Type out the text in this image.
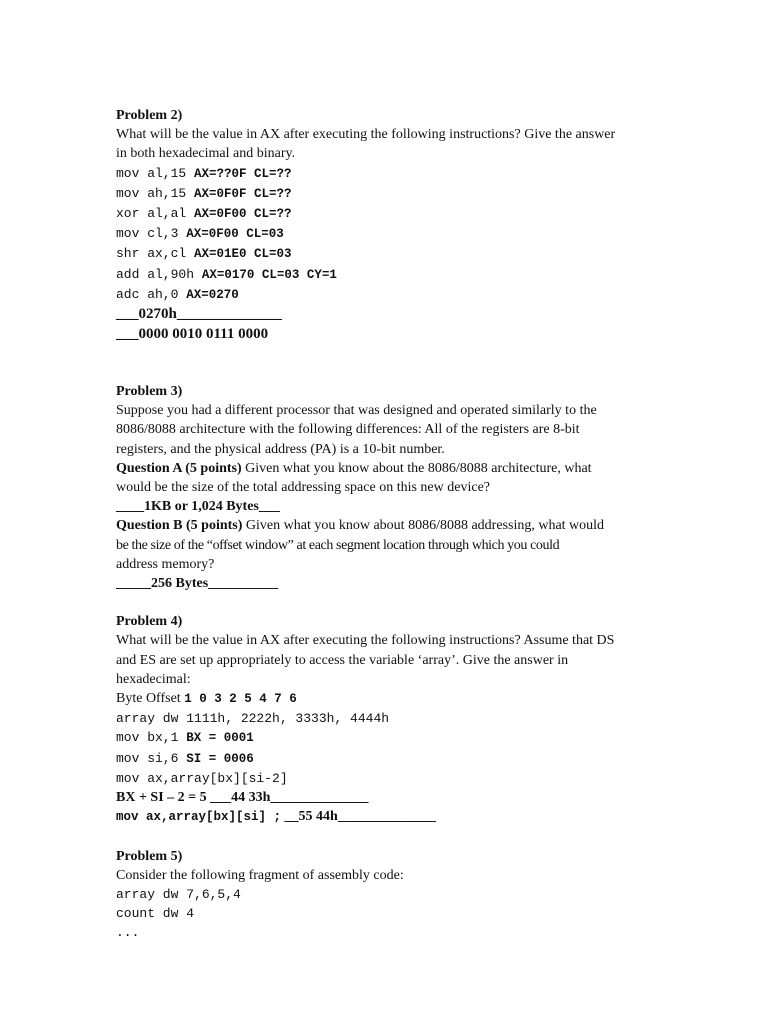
Problem 2)
What will be the value in AX after executing the following instructions? Give the answer
in both hexadecimal and binary.
mov al,15 AX=??0F CL=??
mov ah,15 AX=0F0F CL=??
xor al,al AX=0F00 CL=??
mov cl,3 AX=0F00 CL=03
shr ax,cl AX=01E0 CL=03
add al,90h AX=0170 CL=03 CY=1
adc ah,0 AX=0270
___0270h______________
___0000 0010 0111 0000
Problem 3)
Suppose you had a different processor that was designed and operated similarly to the
8086/8088 architecture with the following differences: All of the registers are 8-bit
registers, and the physical address (PA) is a 10-bit number.
Question A (5 points) Given what you know about the 8086/8088 architecture, what
would be the size of the total addressing space on this new device?
____1KB or 1,024 Bytes___
Question B (5 points) Given what you know about 8086/8088 addressing, what would
be the size of the “offset window” at each segment location through which you could
address memory?
_____256 Bytes__________
Problem 4)
What will be the value in AX after executing the following instructions? Assume that DS
and ES are set up appropriately to access the variable ‘array’. Give the answer in
hexadecimal:
Byte Offset 1 0 3 2 5 4 7 6
array dw 1111h, 2222h, 3333h, 4444h
mov bx,1 BX = 0001
mov si,6 SI = 0006
mov ax,array[bx][si-2]
BX + SI – 2 = 5 ___44 33h______________
mov ax,array[bx][si] ; __55 44h______________
Problem 5)
Consider the following fragment of assembly code:
array dw 7,6,5,4
count dw 4
...
